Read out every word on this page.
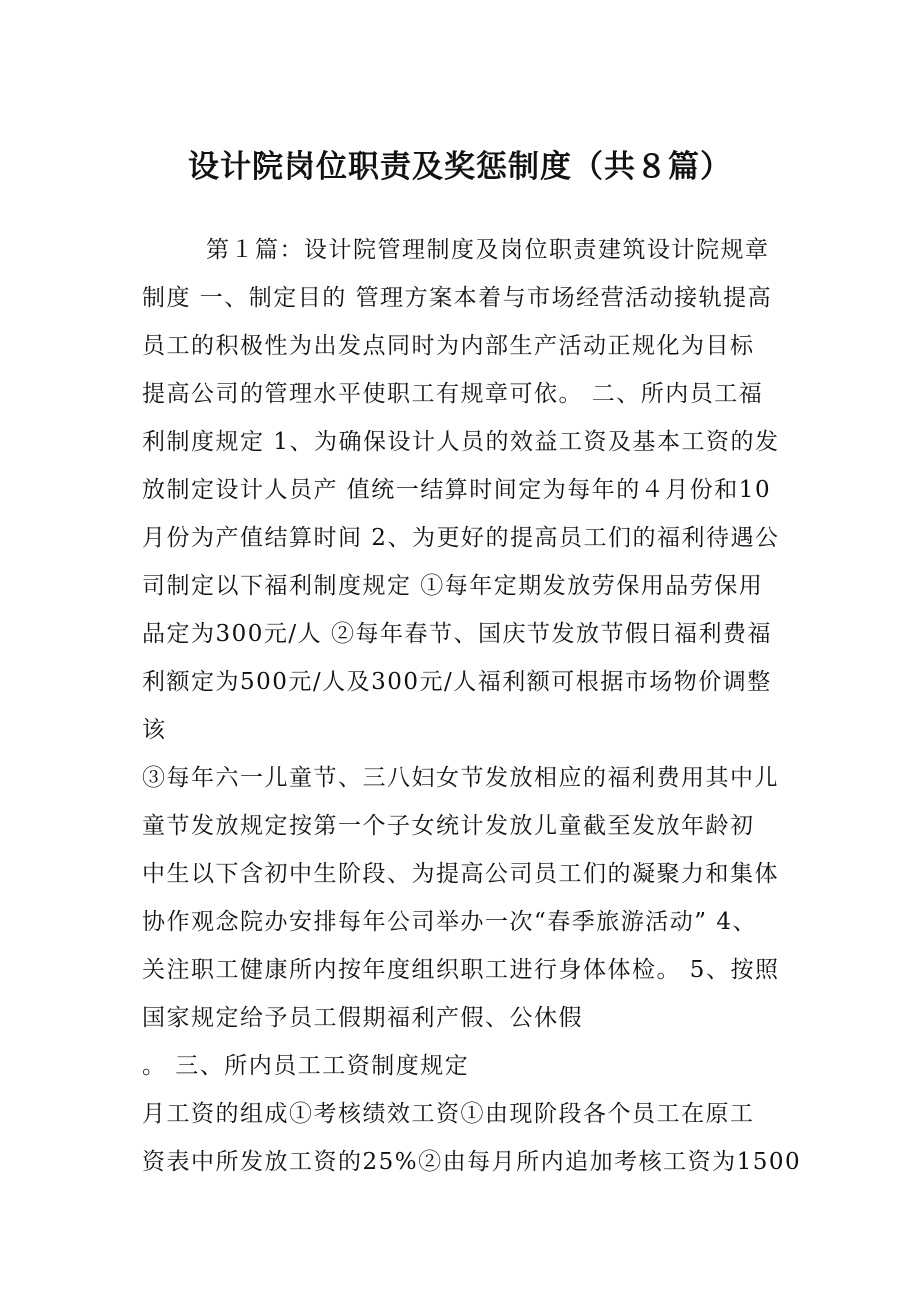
设计院岗位职责及奖惩制度（共８篇）
第１篇：设计院管理制度及岗位职责建筑设计院规章
制度 一、制定目的 管理方案本着与市场经营活动接轨提高
员工的积极性为出发点同时为内部生产活动正规化为目标
提高公司的管理水平使职工有规章可依。 二、所内员工福
利制度规定 1、为确保设计人员的效益工资及基本工资的发
放制定设计人员产 值统一结算时间定为每年的４月份和10
月份为产值结算时间 2、为更好的提高员工们的福利待遇公
司制定以下福利制度规定 ①每年定期发放劳保用品劳保用
品定为300元/人 ②每年春节、国庆节发放节假日福利费福
利额定为500元/人及300元/人福利额可根据市场物价调整
该
③每年六一儿童节、三八妇女节发放相应的福利费用其中儿
童节发放规定按第一个子女统计发放儿童截至发放年龄初
中生以下含初中生阶段、为提高公司员工们的凝聚力和集体
协作观念院办安排每年公司举办一次“春季旅游活动” 4、
关注职工健康所内按年度组织职工进行身体体检。 5、按照
国家规定给予员工假期福利产假、公休假
。 三、所内员工工资制度规定
月工资的组成①考核绩效工资①由现阶段各个员工在原工
资表中所发放工资的25%②由每月所内追加考核工资为1500
